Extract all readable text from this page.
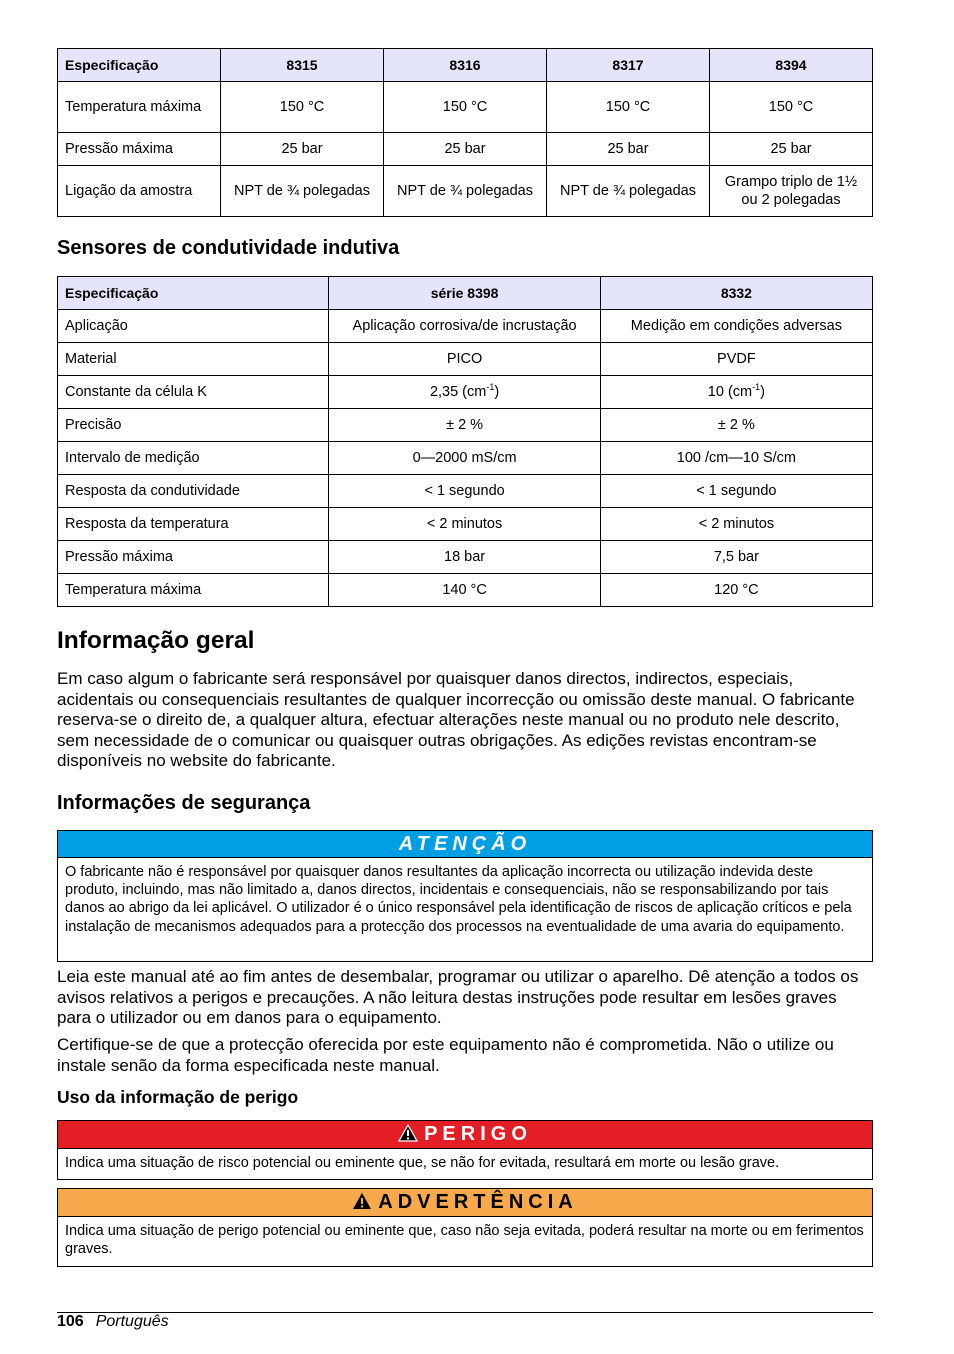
Especificação	8315	8316	8317	8394
Temperatura máxima	150 °C	150 °C	150 °C	150 °C
Pressão máxima	25 bar	25 bar	25 bar	25 bar
Ligação da amostra	NPT de ¾ polegadas	NPT de ¾ polegadas	NPT de ¾ polegadas	Grampo triplo de 1½ ou 2 polegadas
Sensores de condutividade indutiva
Especificação	série 8398	8332
Aplicação	Aplicação corrosiva/de incrustação	Medição em condições adversas
Material	PICO	PVDF
Constante da célula K	2,35 $(cm^{-1})$	10 $(cm^{-1})$
Precisão	± 2 %	± 2 %
Intervalo de medição	0—2000 mS/cm	100 /cm—10 S/cm
Resposta da condutividade	< 1 segundo	< 1 segundo
Resposta da temperatura	< 2 minutos	< 2 minutos
Pressão máxima	18 bar	7,5 bar
Temperatura máxima	140 °C	120 °C
Informação geral

Em caso algum o fabricante será responsável por quaisquer danos directos, indirectos, especiais, acidentais ou consequenciais resultantes de qualquer incorrecção ou omissão deste manual. O fabricante reserva-se o direito de, a qualquer altura, efectuar alterações neste manual ou no produto nele descrito, sem necessidade de o comunicar ou quaisquer outras obrigações. As edições revistas encontram-se disponíveis no website do fabricante.

Informações de segurança
ATENÇÃO
O fabricante não é responsável por quaisquer danos resultantes da aplicação incorrecta ou utilização indevida deste produto, incluindo, mas não limitado a, danos directos, incidentais e consequenciais, não se responsabilizando por tais danos ao abrigo da lei aplicável. O utilizador é o único responsável pela identificação de riscos de aplicação críticos e pela instalação de mecanismos adequados para a protecção dos processos na eventualidade de uma avaria do equipamento.

Leia este manual até ao fim antes de desembalar, programar ou utilizar o aparelho. Dê atenção a todos os avisos relativos a perigos e precauções. A não leitura destas instruções pode resultar em lesões graves para o utilizador ou em danos para o equipamento.

Certifique-se de que a protecção oferecida por este equipamento não é comprometida. Não o utilize ou instale senão da forma especificada neste manual.

Uso da informação de perigo
PERIGO
Indica uma situação de risco potencial ou eminente que, se não for evitada, resultará em morte ou lesão grave.
ADVERTÊNCIA
Indica uma situação de perigo potencial ou eminente que, caso não seja evitada, poderá resultar na morte ou em ferimentos graves.
106 Português
